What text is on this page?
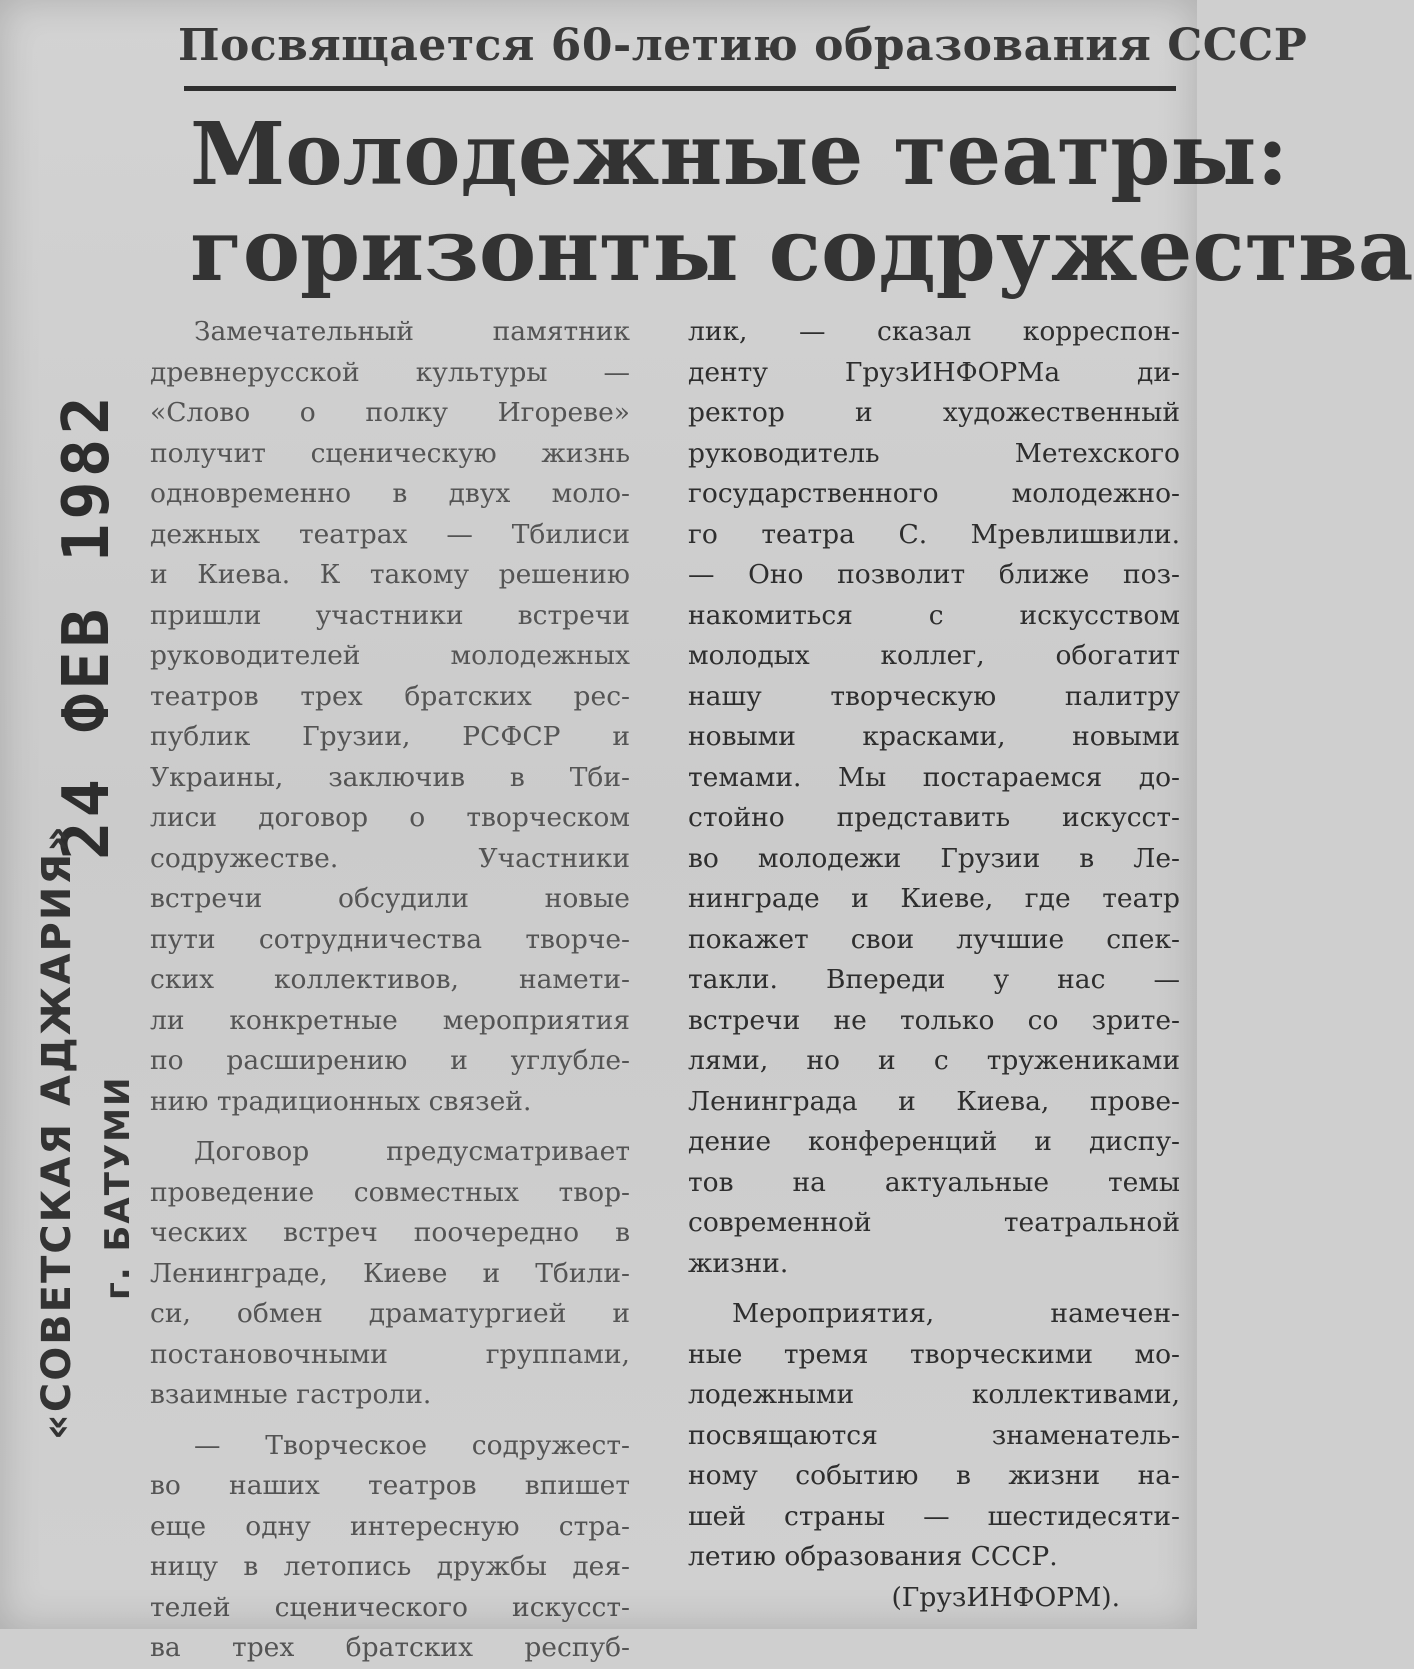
Посвящается 60-летию образования СССР
Молодежные театры:
горизонты содружества
24 ФЕВ 1982
«СОВЕТСКАЯ АДЖАРИЯ» г. БАТУМИ
Замечательный памятник
древнерусской культуры —
«Слово о полку Игореве»
получит сценическую жизнь
одновременно в двух моло-
дежных театрах — Тбилиси
и Киева. К такому решению
пришли участники встречи
руководителей молодежных
театров трех братских рес-
публик Грузии, РСФСР и
Украины, заключив в Тби-
лиси договор о творческом
содружестве. Участники
встречи обсудили новые
пути сотрудничества творче-
ских коллективов, намети-
ли конкретные мероприятия
по расширению и углубле-
нию традиционных связей.
Договор предусматривает
проведение совместных твор-
ческих встреч поочередно в
Ленинграде, Киеве и Тбили-
си, обмен драматургией и
постановочными группами,
взаимные гастроли.
— Творческое содружест-
во наших театров впишет
еще одну интересную стра-
ницу в летопись дружбы дея-
телей сценического искусст-
ва трех братских респуб-
лик, — сказал корреспон-
денту ГрузИНФОРМа ди-
ректор и художественный
руководитель Метехского
государственного молодежно-
го театра С. Мревлишвили.
— Оно позволит ближе поз-
накомиться с искусством
молодых коллег, обогатит
нашу творческую палитру
новыми красками, новыми
темами. Мы постараемся до-
стойно представить искусст-
во молодежи Грузии в Ле-
нинграде и Киеве, где театр
покажет свои лучшие спек-
такли. Впереди у нас —
встречи не только со зрите-
лями, но и с тружениками
Ленинграда и Киева, прове-
дение конференций и диспу-
тов на актуальные темы
современной театральной
жизни.
Мероприятия, намечен-
ные тремя творческими мо-
лодежными коллективами,
посвящаются знаменатель-
ному событию в жизни на-
шей страны — шестидесяти-
летию образования СССР.
(ГрузИНФОРМ).
